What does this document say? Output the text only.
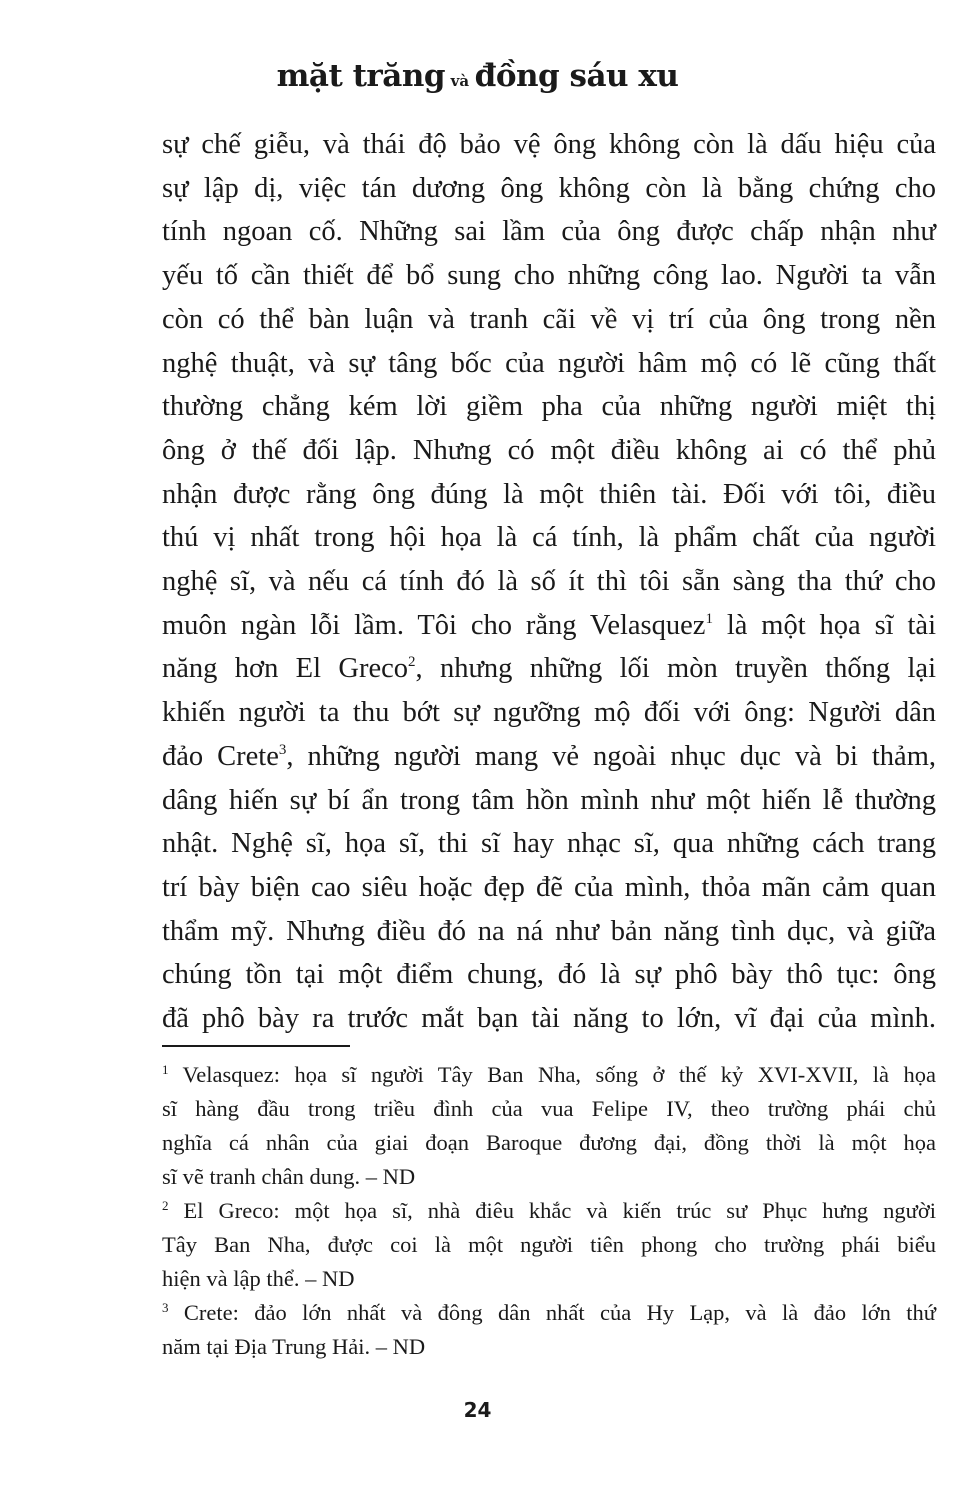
mặt trăng và đồng sáu xu
sự chế giễu, và thái độ bảo vệ ông không còn là dấu hiệu của
sự lập dị, việc tán dương ông không còn là bằng chứng cho
tính ngoan cố. Những sai lầm của ông được chấp nhận như
yếu tố cần thiết để bổ sung cho những công lao. Người ta vẫn
còn có thể bàn luận và tranh cãi về vị trí của ông trong nền
nghệ thuật, và sự tâng bốc của người hâm mộ có lẽ cũng thất
thường chẳng kém lời giềm pha của những người miệt thị
ông ở thế đối lập. Nhưng có một điều không ai có thể phủ
nhận được rằng ông đúng là một thiên tài. Đối với tôi, điều
thú vị nhất trong hội họa là cá tính, là phẩm chất của người
nghệ sĩ, và nếu cá tính đó là số ít thì tôi sẵn sàng tha thứ cho
muôn ngàn lỗi lầm. Tôi cho rằng Velasquez$^1$ là một họa sĩ tài
năng hơn El Greco$^2$, nhưng những lối mòn truyền thống lại
khiến người ta thu bớt sự ngưỡng mộ đối với ông: Người dân
đảo Crete$^3$, những người mang vẻ ngoài nhục dục và bi thảm,
dâng hiến sự bí ẩn trong tâm hồn mình như một hiến lễ thường
nhật. Nghệ sĩ, họa sĩ, thi sĩ hay nhạc sĩ, qua những cách trang
trí bày biện cao siêu hoặc đẹp đẽ của mình, thỏa mãn cảm quan
thẩm mỹ. Nhưng điều đó na ná như bản năng tình dục, và giữa
chúng tồn tại một điểm chung, đó là sự phô bày thô tục: ông
đã phô bày ra trước mắt bạn tài năng to lớn, vĩ đại của mình.
$^1$ Velasquez: họa sĩ người Tây Ban Nha, sống ở thế kỷ XVI-XVII, là họa
sĩ hàng đầu trong triều đình của vua Felipe IV, theo trường phái chủ
nghĩa cá nhân của giai đoạn Baroque đương đại, đồng thời là một họa
sĩ vẽ tranh chân dung. – ND
$^2$ El Greco: một họa sĩ, nhà điêu khắc và kiến trúc sư Phục hưng người
Tây Ban Nha, được coi là một người tiên phong cho trường phái biểu
hiện và lập thể. – ND
$^3$ Crete: đảo lớn nhất và đông dân nhất của Hy Lạp, và là đảo lớn thứ
năm tại Địa Trung Hải. – ND
24
